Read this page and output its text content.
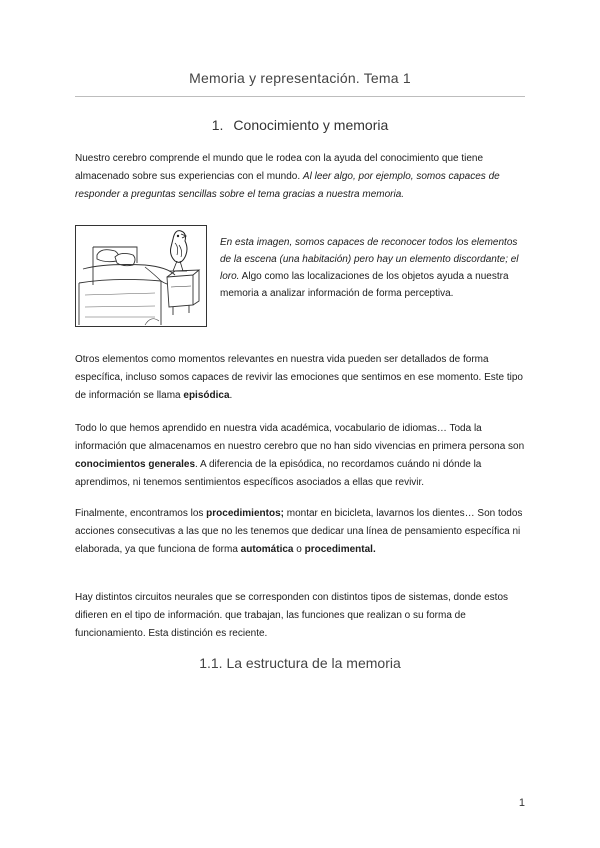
Memoria y representación. Tema 1
1. Conocimiento y memoria

Nuestro cerebro comprende el mundo que le rodea con la ayuda del conocimiento que tiene almacenado sobre sus experiencias con el mundo. Al leer algo, por ejemplo, somos capaces de responder a preguntas sencillas sobre el tema gracias a nuestra memoria.

En esta imagen, somos capaces de reconocer todos los elementos de la escena (una habitación) pero hay un elemento discordante; el loro. Algo como las localizaciones de los objetos ayuda a nuestra memoria a analizar información de forma perceptiva.

Otros elementos como momentos relevantes en nuestra vida pueden ser detallados de forma específica, incluso somos capaces de revivir las emociones que sentimos en ese momento. Este tipo de información se llama episódica.

Todo lo que hemos aprendido en nuestra vida académica, vocabulario de idiomas… Toda la información que almacenamos en nuestro cerebro que no han sido vivencias en primera persona son conocimientos generales. A diferencia de la episódica, no recordamos cuándo ni dónde la aprendimos, ni tenemos sentimientos específicos asociados a ellas que revivir.

Finalmente, encontramos los procedimientos; montar en bicicleta, lavarnos los dientes… Son todos acciones consecutivas a las que no les tenemos que dedicar una línea de pensamiento específica ni elaborada, ya que funciona de forma automática o procedimental.

Hay distintos circuitos neurales que se corresponden con distintos tipos de sistemas, donde estos difieren en el tipo de información. que trabajan, las funciones que realizan o su forma de funcionamiento. Esta distinción es reciente.

1.1. La estructura de la memoria
1
